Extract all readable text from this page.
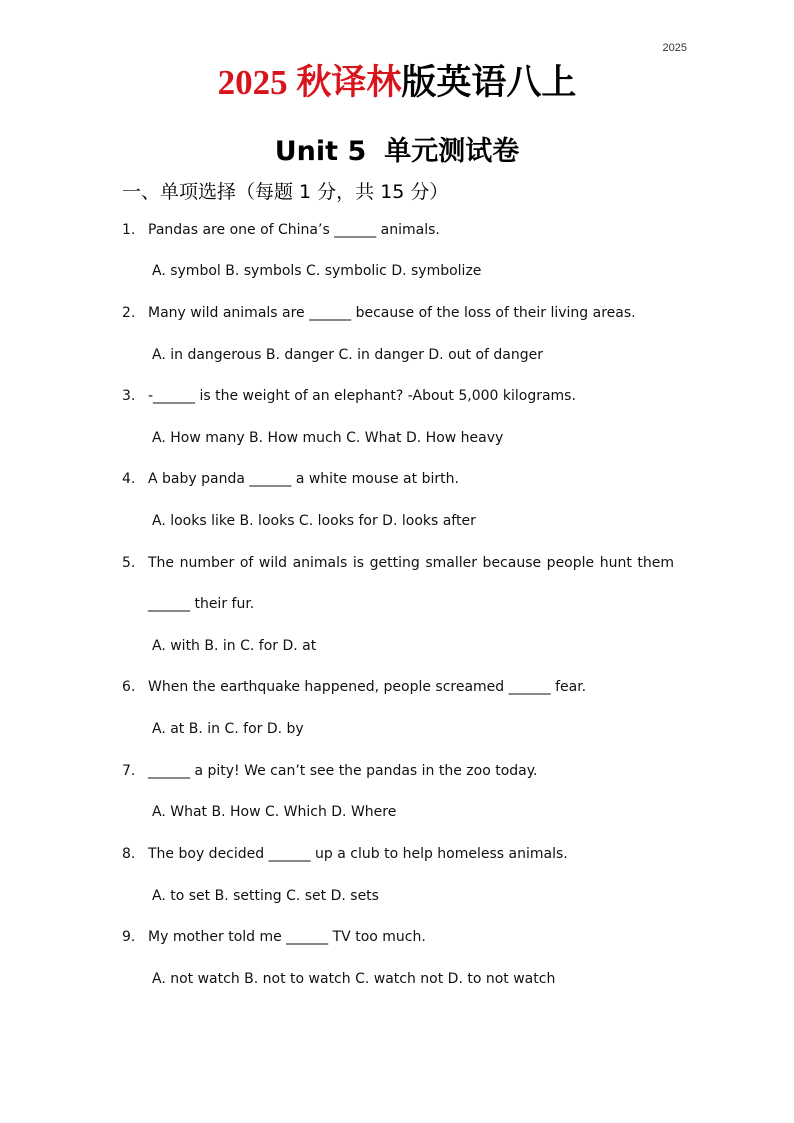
2025
2025 秋译林版英语八上
Unit 5 单元测试卷
一、单项选择（每题 1 分，共 15 分）
1. Pandas are one of China’s ______ animals.
A. symbol B. symbols C. symbolic D. symbolize
2. Many wild animals are ______ because of the loss of their living areas.
A. in dangerous B. danger C. in danger D. out of danger
3. -______ is the weight of an elephant? -About 5,000 kilograms.
A. How many B. How much C. What D. How heavy
4. A baby panda ______ a white mouse at birth.
A. looks like B. looks C. looks for D. looks after
5. The number of wild animals is getting smaller because people hunt them
______ their fur.
A. with B. in C. for D. at
6. When the earthquake happened, people screamed ______ fear.
A. at B. in C. for D. by
7. ______ a pity! We can’t see the pandas in the zoo today.
A. What B. How C. Which D. Where
8. The boy decided ______ up a club to help homeless animals.
A. to set B. setting C. set D. sets
9. My mother told me ______ TV too much.
A. not watch B. not to watch C. watch not D. to not watch
